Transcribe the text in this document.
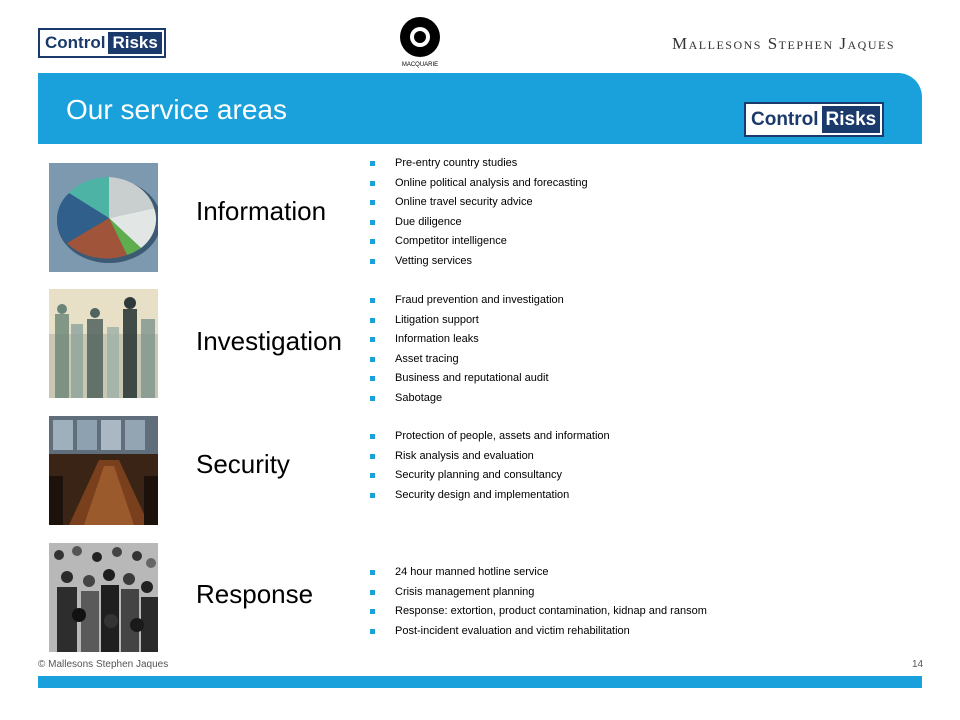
Control Risks
MACQUARIE
Mallesons Stephen Jaques
Our service areas	Control Risks
Information
Pre-entry country studies
Online political analysis and forecasting
Online travel security advice
Due diligence
Competitor intelligence
Vetting services
Investigation
Fraud prevention and investigation
Litigation support
Information leaks
Asset tracing
Business and reputational audit
Sabotage
Security
Protection of people, assets and information
Risk analysis and evaluation
Security planning and consultancy
Security design and implementation
Response
24 hour manned hotline service
Crisis management planning
Response: extortion, product contamination, kidnap and ransom
Post-incident evaluation and victim rehabilitation
© Mallesons Stephen Jaques	14
